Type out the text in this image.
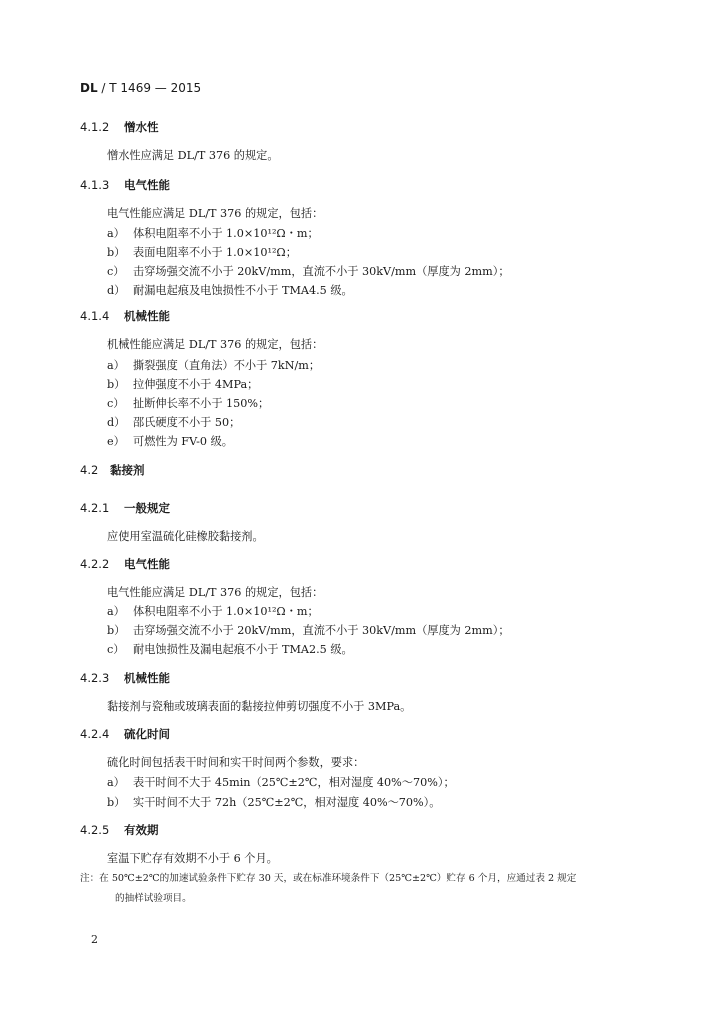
DL / T 1469 — 2015
4.1.2 憎水性
憎水性应满足 DL/T 376 的规定。
4.1.3 电气性能
电气性能应满足 DL/T 376 的规定，包括：
a） 体积电阻率不小于 1.0×10¹²Ω・m；
b） 表面电阻率不小于 1.0×10¹²Ω；
c） 击穿场强交流不小于 20kV/mm，直流不小于 30kV/mm（厚度为 2mm）；
d） 耐漏电起痕及电蚀损性不小于 TMA4.5 级。
4.1.4 机械性能
机械性能应满足 DL/T 376 的规定，包括：
a） 撕裂强度（直角法）不小于 7kN/m；
b） 拉伸强度不小于 4MPa；
c） 扯断伸长率不小于 150%；
d） 邵氏硬度不小于 50；
e） 可燃性为 FV-0 级。
4.2 黏接剂
4.2.1 一般规定
应使用室温硫化硅橡胶黏接剂。
4.2.2 电气性能
电气性能应满足 DL/T 376 的规定，包括：
a） 体积电阻率不小于 1.0×10¹²Ω・m；
b） 击穿场强交流不小于 20kV/mm，直流不小于 30kV/mm（厚度为 2mm）；
c） 耐电蚀损性及漏电起痕不小于 TMA2.5 级。
4.2.3 机械性能
黏接剂与瓷釉或玻璃表面的黏接拉伸剪切强度不小于 3MPa。
4.2.4 硫化时间
硫化时间包括表干时间和实干时间两个参数，要求：
a） 表干时间不大于 45min（25℃±2℃，相对湿度 40%～70%）；
b） 实干时间不大于 72h（25℃±2℃，相对湿度 40%～70%）。
4.2.5 有效期
室温下贮存有效期不小于 6 个月。
注：在 50℃±2℃的加速试验条件下贮存 30 天，或在标准环境条件下（25℃±2℃）贮存 6 个月，应通过表 2 规定
的抽样试验项目。
2
